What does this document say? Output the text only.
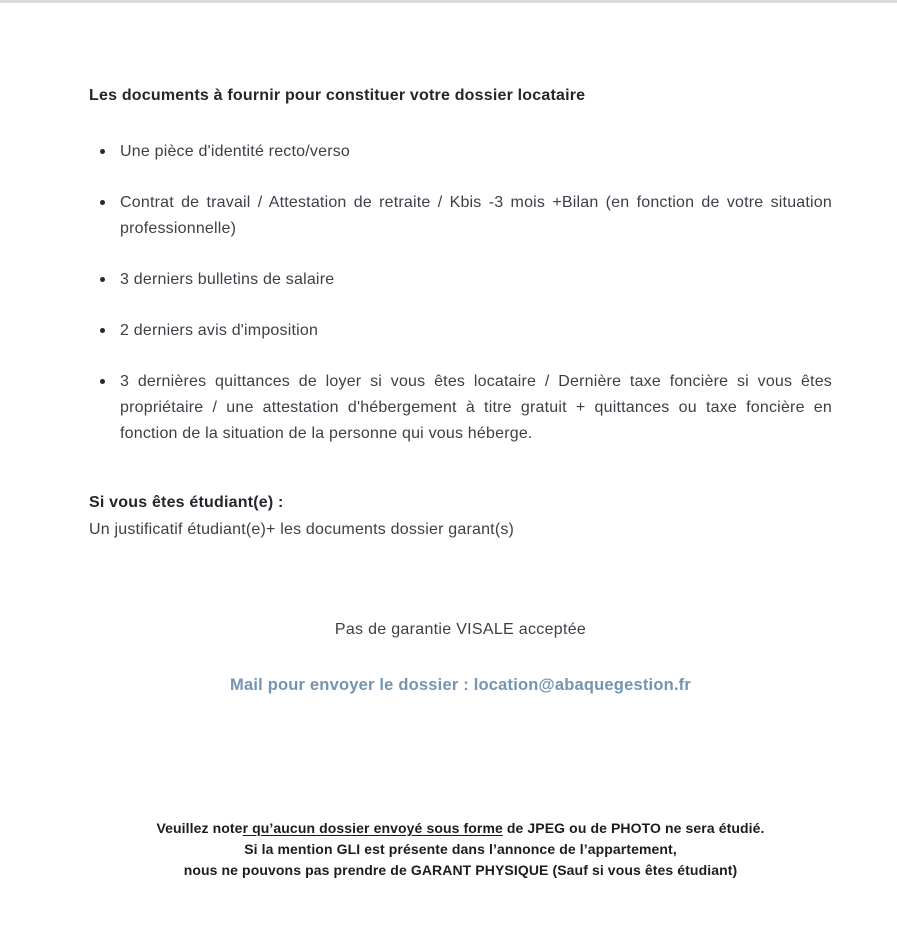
Les documents à fournir pour constituer votre dossier locataire
Une pièce d'identité recto/verso
Contrat de travail / Attestation de retraite / Kbis -3 mois +Bilan (en fonction de votre situation professionnelle)
3 derniers bulletins de salaire
2 derniers avis d'imposition
3 dernières quittances de loyer si vous êtes locataire / Dernière taxe foncière si vous êtes propriétaire / une attestation d'hébergement à titre gratuit + quittances ou taxe foncière en fonction de la situation de la personne qui vous héberge.

Si vous êtes étudiant(e) :

Un justificatif étudiant(e)+ les documents dossier garant(s)

Pas de garantie VISALE acceptée

Mail pour envoyer le dossier : location@abaquegestion.fr

Veuillez noter qu’aucun dossier envoyé sous forme de JPEG ou de PHOTO ne sera étudié.
Si la mention GLI est présente dans l’annonce de l’appartement,
nous ne pouvons pas prendre de GARANT PHYSIQUE (Sauf si vous êtes étudiant)
